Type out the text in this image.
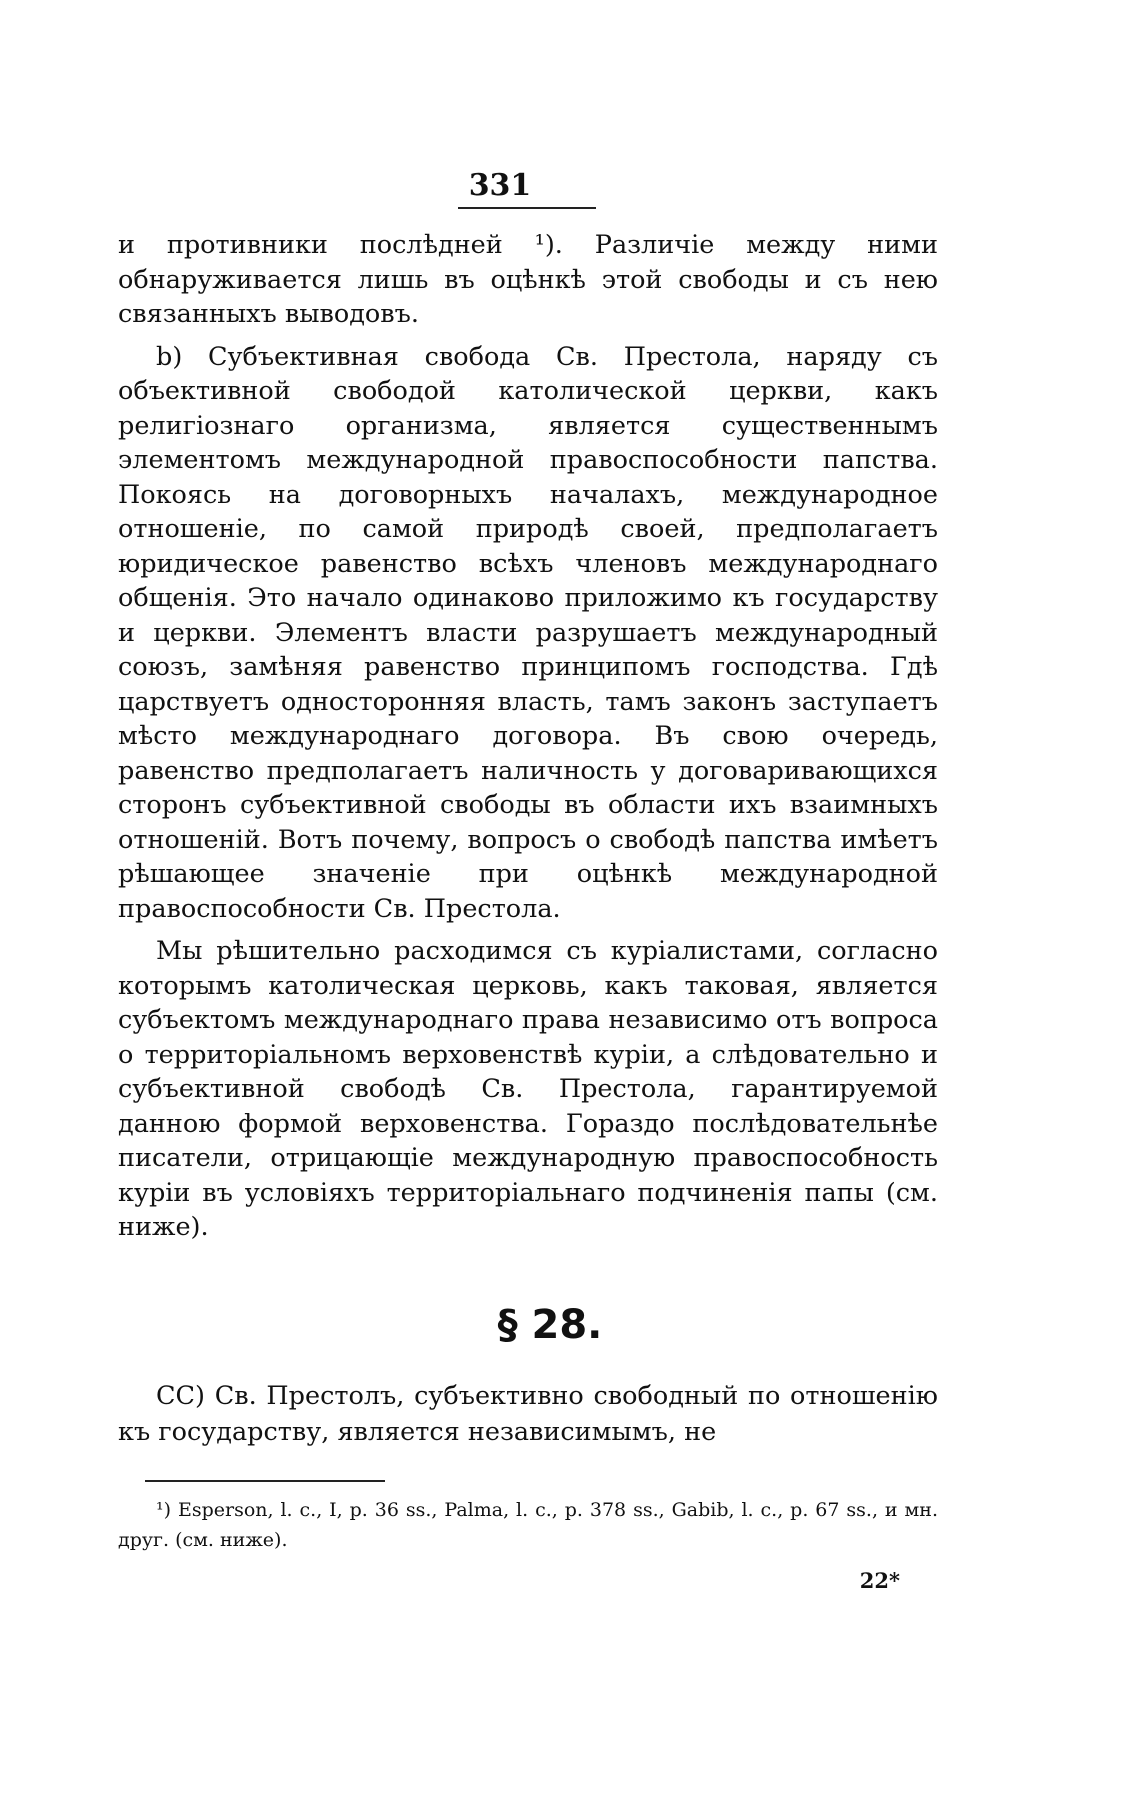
331

и противники послѣдней ¹). Различіе между ними обнаруживается лишь въ оцѣнкѣ этой свободы и съ нею связанныхъ выводовъ.

b) Субъективная свобода Св. Престола, наряду съ объективной свободой католической церкви, какъ религіознаго организма, является существеннымъ элементомъ международной правоспособности папства. Покоясь на договорныхъ началахъ, международное отношеніе, по самой природѣ своей, предполагаетъ юридическое равенство всѣхъ членовъ международнаго общенія. Это начало одинаково приложимо къ государству и церкви. Элементъ власти разрушаетъ международный союзъ, замѣняя равенство принципомъ господства. Гдѣ царствуетъ односторонняя власть, тамъ законъ заступаетъ мѣсто международнаго договора. Въ свою очередь, равенство предполагаетъ наличность у договаривающихся сторонъ субъективной свободы въ области ихъ взаимныхъ отношеній. Вотъ почему, вопросъ о свободѣ папства имѣетъ рѣшающее значеніе при оцѣнкѣ международной правоспособности Св. Престола.

Мы рѣшительно расходимся съ куріалистами, согласно которымъ католическая церковь, какъ таковая, является субъектомъ международнаго права независимо отъ вопроса о территоріальномъ верховенствѣ куріи, а слѣдовательно и субъективной свободѣ Св. Престола, гарантируемой данною формой верховенства. Гораздо послѣдовательнѣе писатели, отрицающіе международную правоспособность куріи въ условіяхъ территоріальнаго подчиненія папы (см. ниже).

§ 28.

CC) Св. Престолъ, субъективно свободный по отношенію къ государству, является независимымъ, не

¹) Esperson, l. c., I, p. 36 ss., Palma, l. c., p. 378 ss., Gabib, l. c., p. 67 ss., и мн. друг. (см. ниже).

22*
